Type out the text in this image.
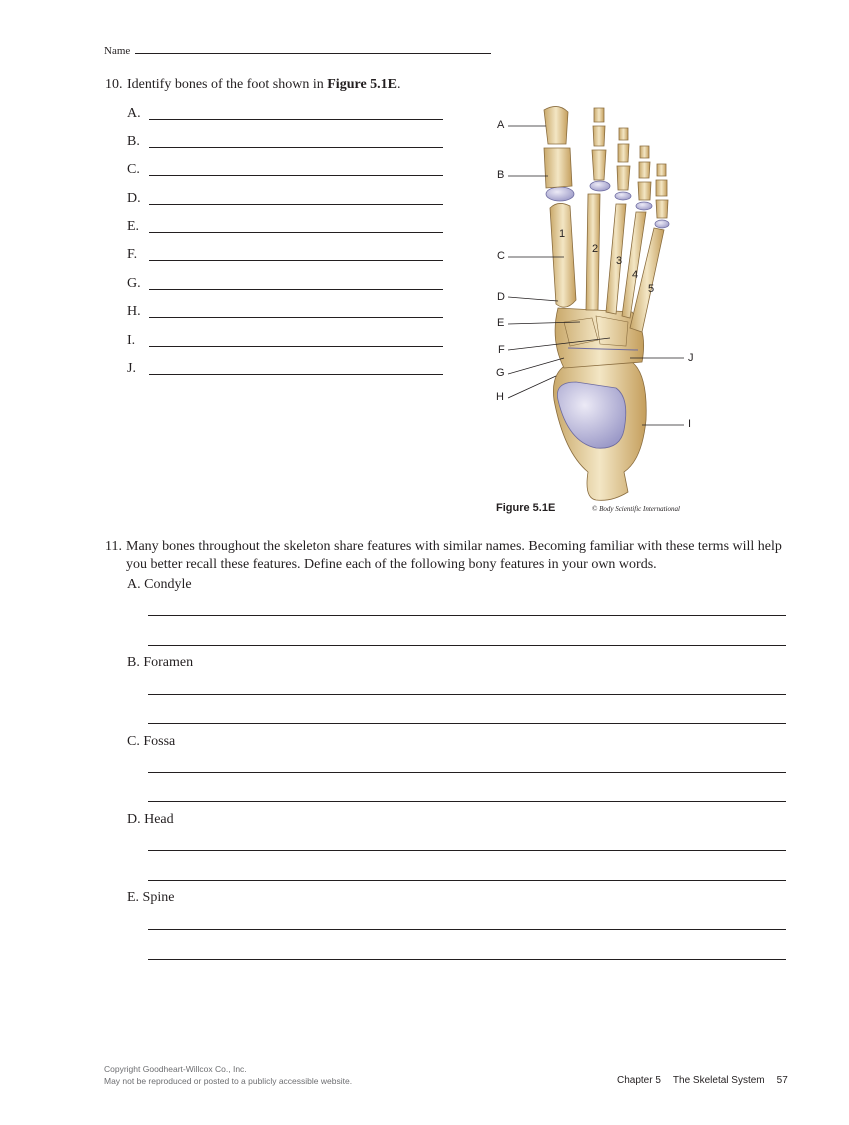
Name
10. Identify bones of the foot shown in Figure 5.1E.
A.
B.
C.
D.
E.
F.
G.
H.
I.
J.
A
B
C
D
E
F
G
H
I
J
1
2
3
4
5
Figure 5.1E	© Body Scientific International
11. Many bones throughout the skeleton share features with similar names. Becoming familiar with these terms will help you better recall these features. Define each of the following bony features in your own words.
A. Condyle
B. Foramen
C. Fossa
D. Head
E. Spine
Copyright Goodheart-Willcox Co., Inc.
May not be reproduced or posted to a publicly accessible website.	Chapter 5 The Skeletal System 57
